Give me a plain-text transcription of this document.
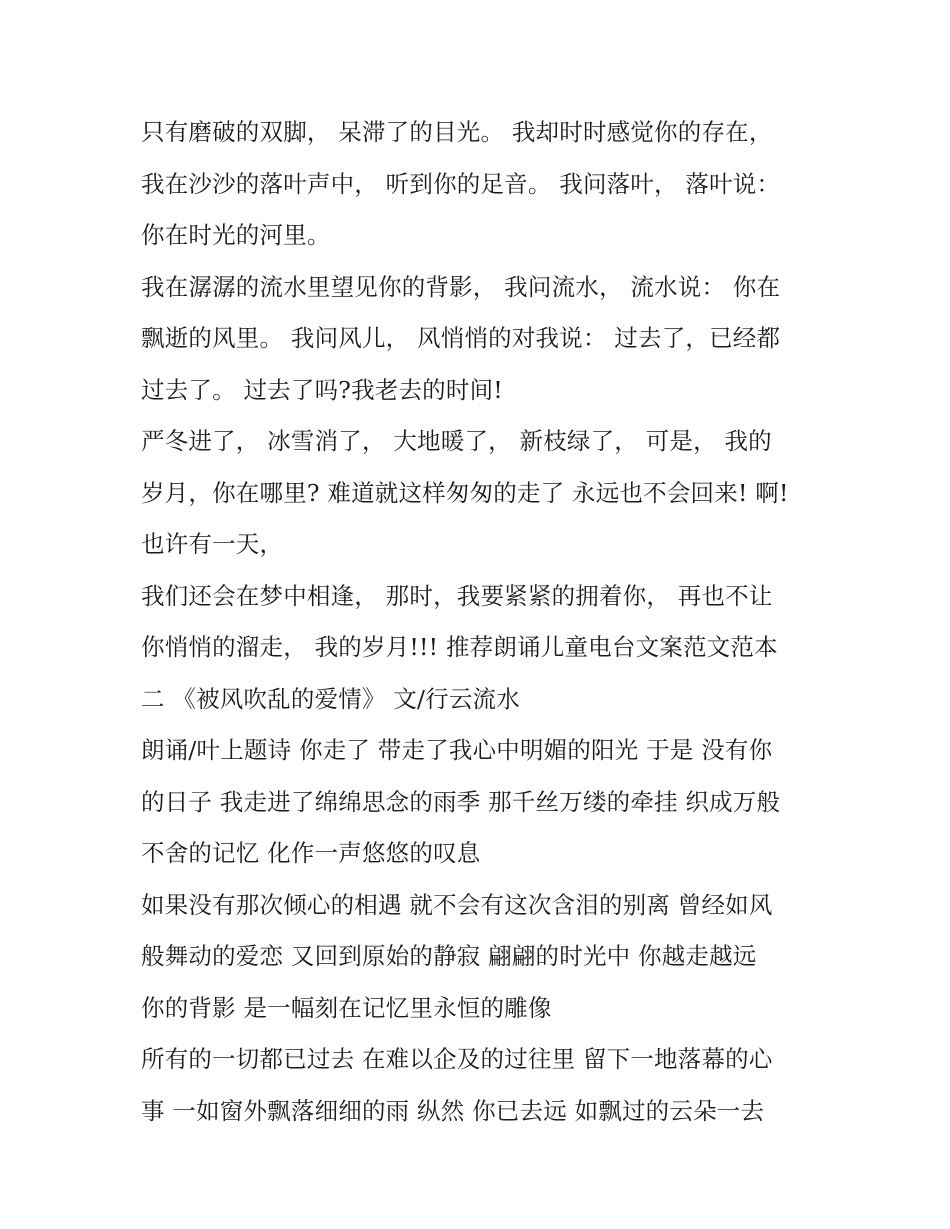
只有磨破的双脚， 呆滞了的目光。 我却时时感觉你的存在，
我在沙沙的落叶声中， 听到你的足音。 我问落叶， 落叶说：
你在时光的河里。
我在潺潺的流水里望见你的背影， 我问流水， 流水说： 你在
飘逝的风里。 我问风儿， 风悄悄的对我说： 过去了，已经都
过去了。 过去了吗?我老去的时间!
严冬进了， 冰雪消了， 大地暖了， 新枝绿了， 可是， 我的
岁月，你在哪里? 难道就这样匆匆的走了 永远也不会回来! 啊!
也许有一天，
我们还会在梦中相逢， 那时，我要紧紧的拥着你， 再也不让
你悄悄的溜走， 我的岁月!!! 推荐朗诵儿童电台文案范文范本
二 《被风吹乱的爱情》 文/行云流水
朗诵/叶上题诗 你走了 带走了我心中明媚的阳光 于是 没有你
的日子 我走进了绵绵思念的雨季 那千丝万缕的牵挂 织成万般
不舍的记忆 化作一声悠悠的叹息
如果没有那次倾心的相遇 就不会有这次含泪的别离 曾经如风
般舞动的爱恋 又回到原始的静寂 翩翩的时光中 你越走越远
你的背影 是一幅刻在记忆里永恒的雕像
所有的一切都已过去 在难以企及的过往里 留下一地落幕的心
事 一如窗外飘落细细的雨 纵然 你已去远 如飘过的云朵一去
